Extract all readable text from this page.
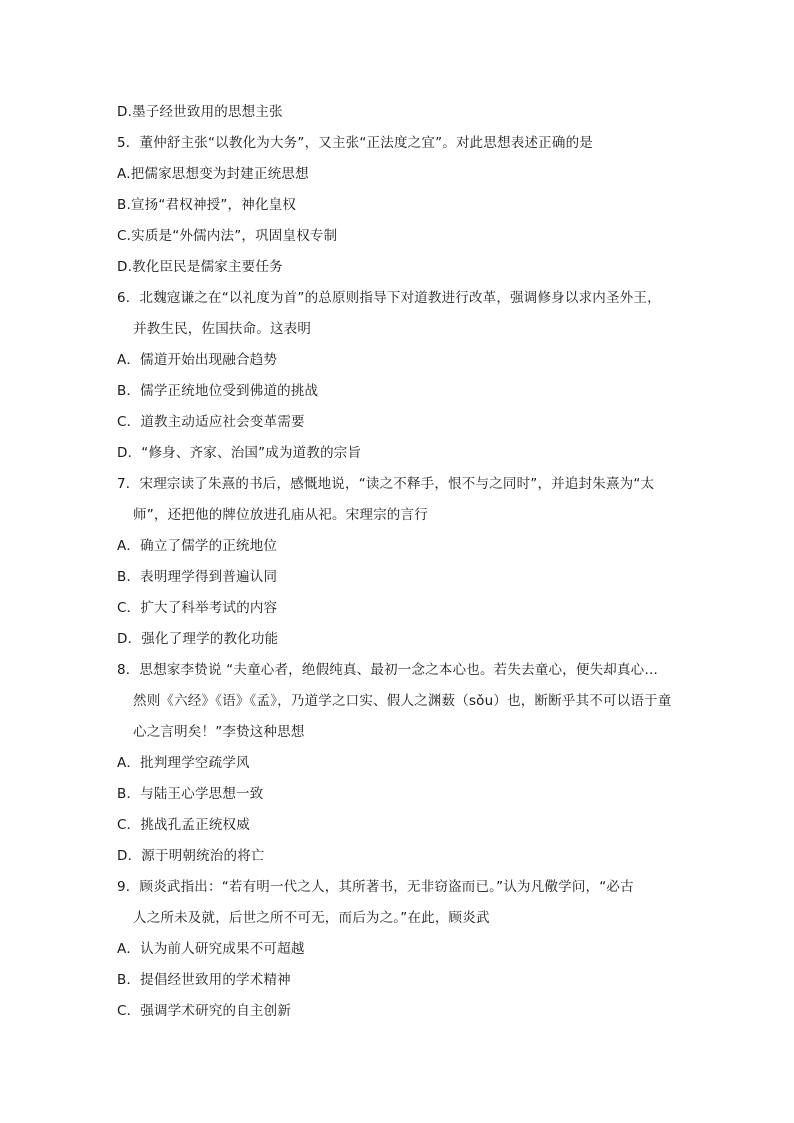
D.墨子经世致用的思想主张
5．董仲舒主张“以教化为大务”，又主张“正法度之宜”。对此思想表述正确的是
A.把儒家思想变为封建正统思想
B.宣扬“君权神授”，神化皇权
C.实质是“外儒内法”，巩固皇权专制
D.教化臣民是儒家主要任务
6．北魏寇谦之在“以礼度为首”的总原则指导下对道教进行改革，强调修身以求内圣外王，
并教生民，佐国扶命。这表明
A．儒道开始出现融合趋势
B．儒学正统地位受到佛道的挑战
C．道教主动适应社会变革需要
D．“修身、齐家、治国”成为道教的宗旨
7．宋理宗读了朱熹的书后，感慨地说，“读之不释手，恨不与之同时”，并追封朱熹为“太
师”，还把他的牌位放进孔庙从祀。宋理宗的言行
A．确立了儒学的正统地位
B．表明理学得到普遍认同
C．扩大了科举考试的内容
D．强化了理学的教化功能
8．思想家李贽说 “夫童心者，绝假纯真、最初一念之本心也。若失去童心，便失却真心…
然则《六经》《语》《孟》，乃道学之口实、假人之渊薮（sǒu）也，断断乎其不可以语于童
心之言明矣！”李贽这种思想
A．批判理学空疏学风
B．与陆王心学思想一致
C．挑战孔孟正统权威
D．源于明朝统治的将亡
9．顾炎武指出：“若有明一代之人，其所著书，无非窃盗而已。”认为凡儆学问，“必古
人之所未及就，后世之所不可无，而后为之。”在此，顾炎武
A．认为前人研究成果不可超越
B．提倡经世致用的学术精神
C．强调学术研究的自主创新
